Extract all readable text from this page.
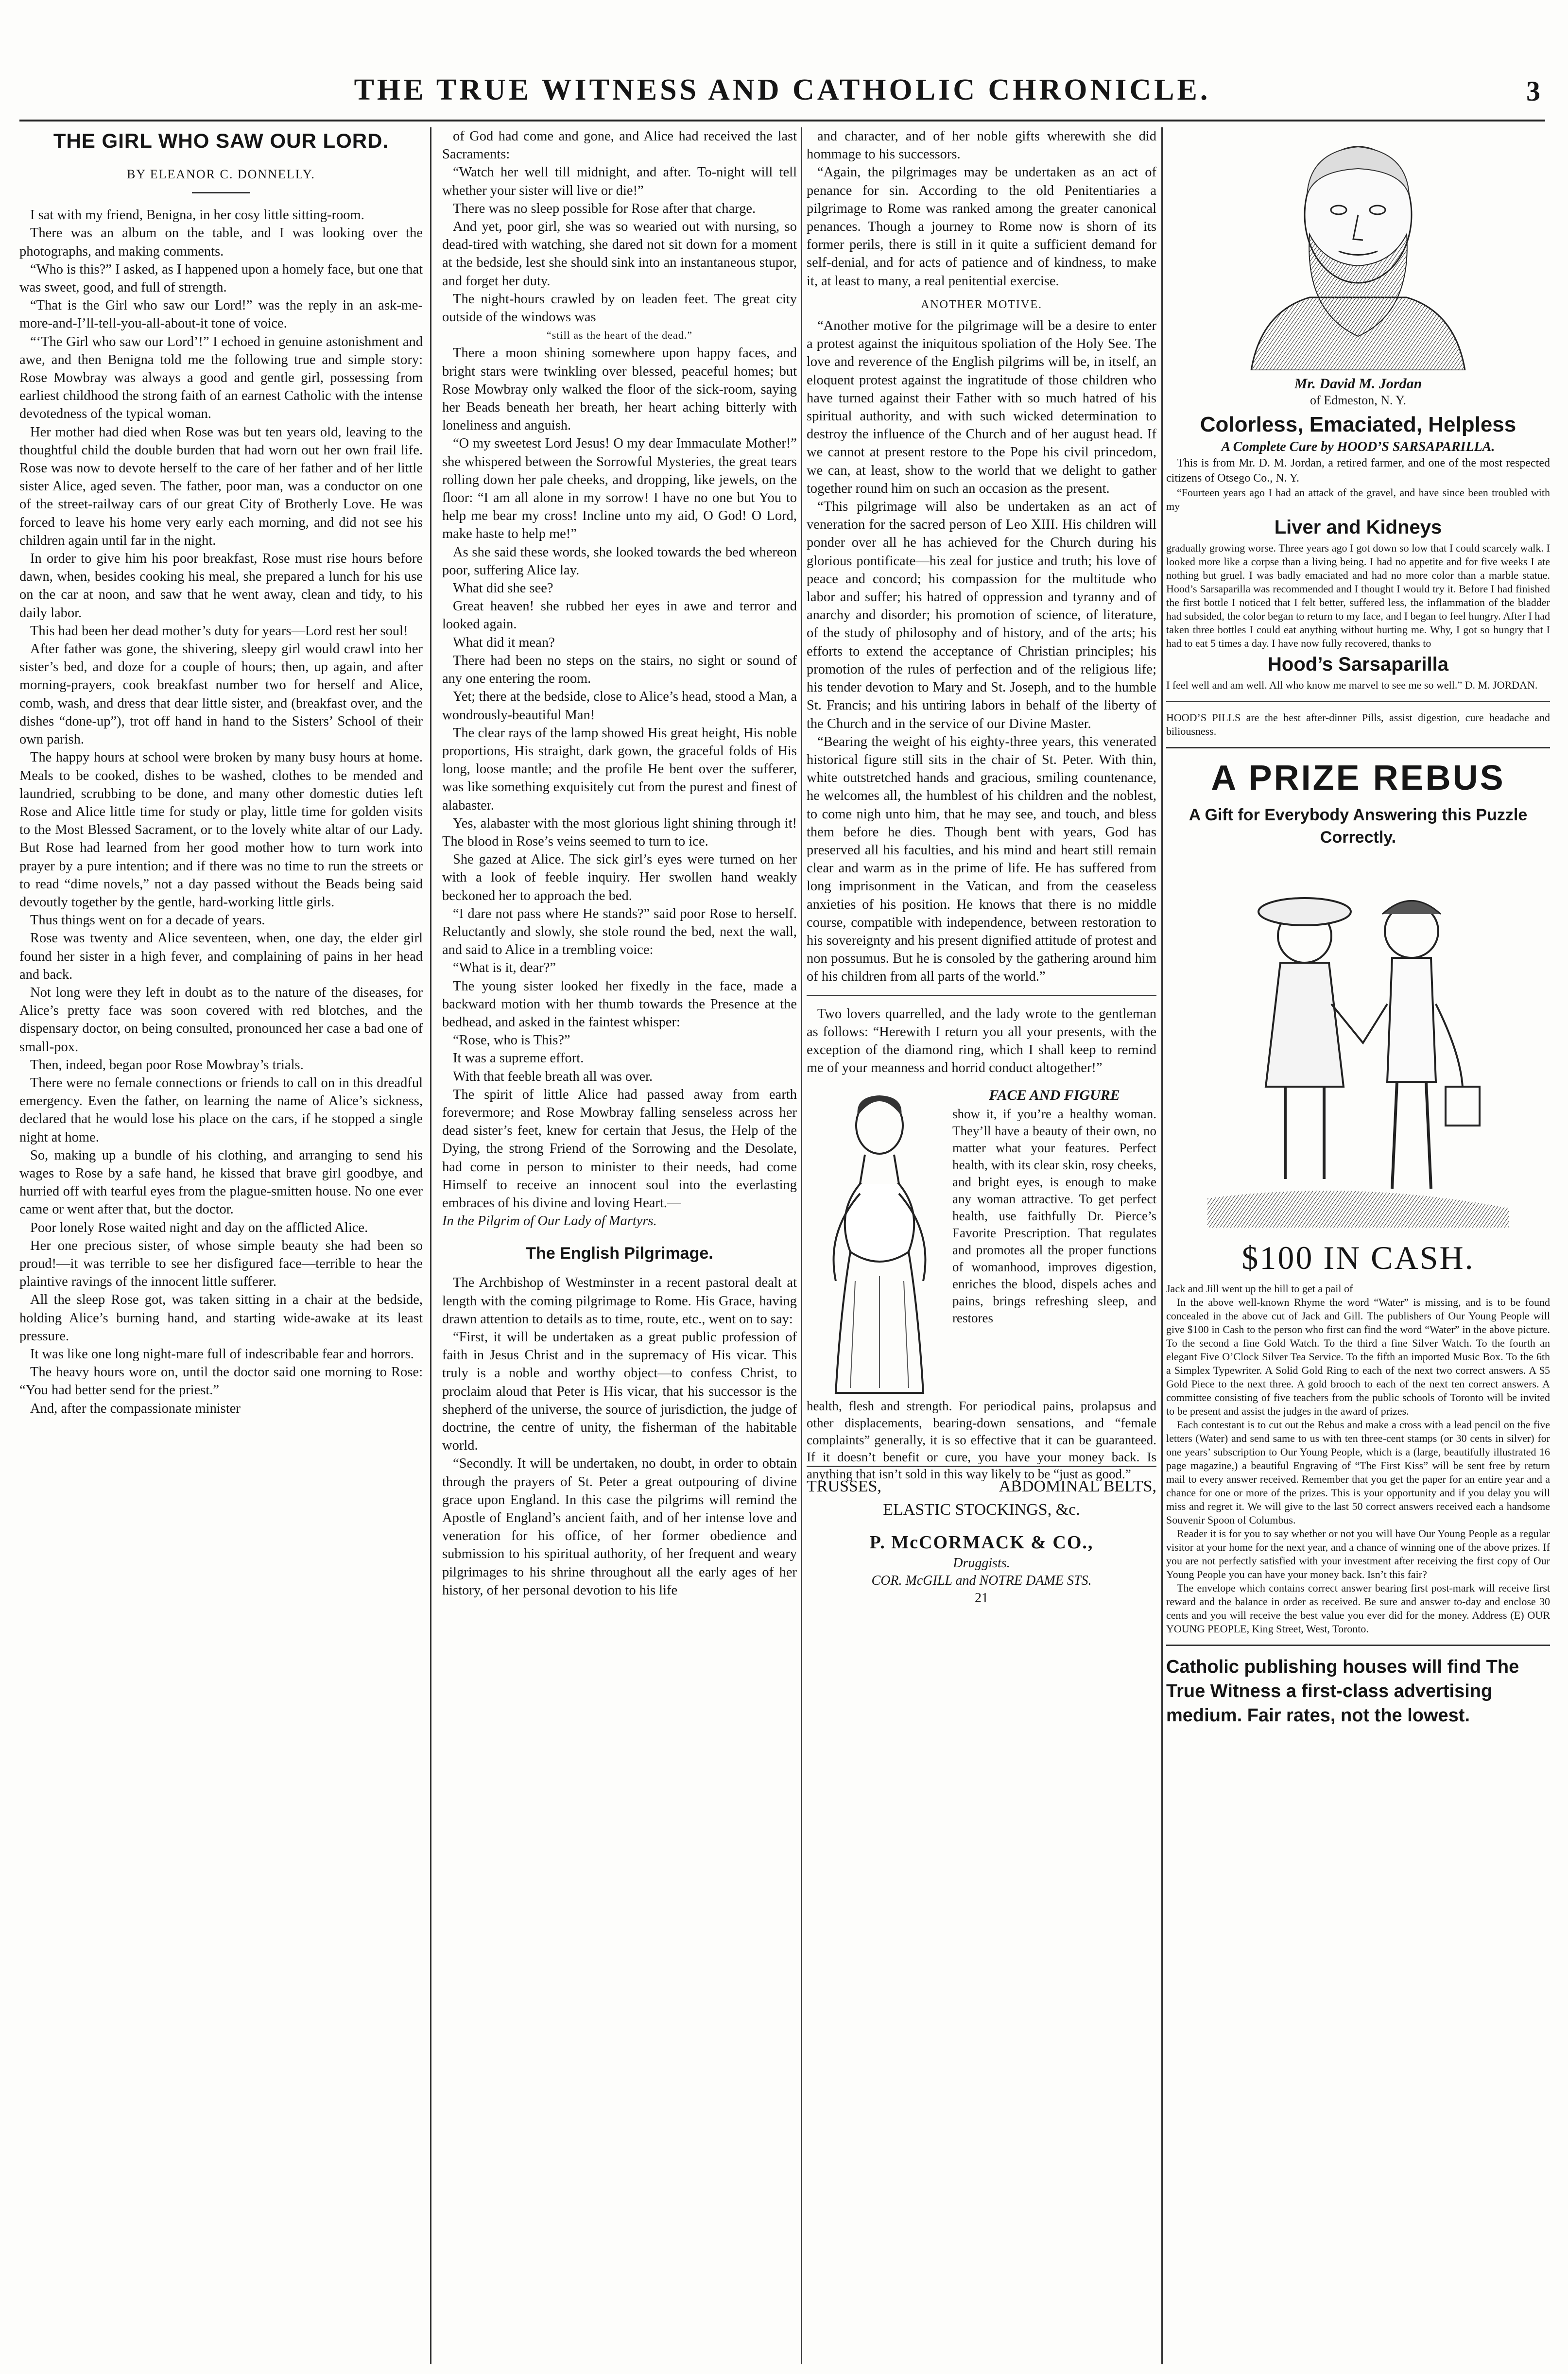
THE TRUE WITNESS AND CATHOLIC CHRONICLE.	3
THE GIRL WHO SAW OUR LORD.
BY ELEANOR C. DONNELLY.

I sat with my friend, Benigna, in her cosy little sitting-room.

There was an album on the table, and I was looking over the photographs, and making comments.

“Who is this?” I asked, as I happened upon a homely face, but one that was sweet, good, and full of strength.

“That is the Girl who saw our Lord!” was the reply in an ask-me-more-and-I’ll-tell-you-all-about-it tone of voice.

“‘The Girl who saw our Lord’!” I echoed in genuine astonishment and awe, and then Benigna told me the following true and simple story: Rose Mowbray was always a good and gentle girl, possessing from earliest childhood the strong faith of an earnest Catholic with the intense devotedness of the typical woman.

Her mother had died when Rose was but ten years old, leaving to the thoughtful child the double burden that had worn out her own frail life. Rose was now to devote herself to the care of her father and of her little sister Alice, aged seven. The father, poor man, was a conductor on one of the street-railway cars of our great City of Brotherly Love. He was forced to leave his home very early each morning, and did not see his children again until far in the night.

In order to give him his poor breakfast, Rose must rise hours before dawn, when, besides cooking his meal, she prepared a lunch for his use on the car at noon, and saw that he went away, clean and tidy, to his daily labor.

This had been her dead mother’s duty for years—Lord rest her soul!

After father was gone, the shivering, sleepy girl would crawl into her sister’s bed, and doze for a couple of hours; then, up again, and after morning-prayers, cook breakfast number two for herself and Alice, comb, wash, and dress that dear little sister, and (breakfast over, and the dishes “done-up”), trot off hand in hand to the Sisters’ School of their own parish.

The happy hours at school were broken by many busy hours at home. Meals to be cooked, dishes to be washed, clothes to be mended and laundried, scrubbing to be done, and many other domestic duties left Rose and Alice little time for study or play, little time for golden visits to the Most Blessed Sacrament, or to the lovely white altar of our Lady. But Rose had learned from her good mother how to turn work into prayer by a pure intention; and if there was no time to run the streets or to read “dime novels,” not a day passed without the Beads being said devoutly together by the gentle, hard-working little girls.

Thus things went on for a decade of years.

Rose was twenty and Alice seventeen, when, one day, the elder girl found her sister in a high fever, and complaining of pains in her head and back.

Not long were they left in doubt as to the nature of the diseases, for Alice’s pretty face was soon covered with red blotches, and the dispensary doctor, on being consulted, pronounced her case a bad one of small-pox.

Then, indeed, began poor Rose Mowbray’s trials.

There were no female connections or friends to call on in this dreadful emergency. Even the father, on learning the name of Alice’s sickness, declared that he would lose his place on the cars, if he stopped a single night at home.

So, making up a bundle of his clothing, and arranging to send his wages to Rose by a safe hand, he kissed that brave girl goodbye, and hurried off with tearful eyes from the plague-smitten house. No one ever came or went after that, but the doctor.

Poor lonely Rose waited night and day on the afflicted Alice.

Her one precious sister, of whose simple beauty she had been so proud!—it was terrible to see her disfigured face—terrible to hear the plaintive ravings of the innocent little sufferer.

All the sleep Rose got, was taken sitting in a chair at the bedside, holding Alice’s burning hand, and starting wide-awake at its least pressure.

It was like one long night-mare full of indescribable fear and horrors.

The heavy hours wore on, until the doctor said one morning to Rose: “You had better send for the priest.”

And, after the compassionate minister

of God had come and gone, and Alice had received the last Sacraments:

“Watch her well till midnight, and after. To-night will tell whether your sister will live or die!”

There was no sleep possible for Rose after that charge.

And yet, poor girl, she was so wearied out with nursing, so dead-tired with watching, she dared not sit down for a moment at the bedside, lest she should sink into an instantaneous stupor, and forget her duty.

The night-hours crawled by on leaden feet. The great city outside of the windows was

“still as the heart of the dead.”

There a moon shining somewhere upon happy faces, and bright stars were twinkling over blessed, peaceful homes; but Rose Mowbray only walked the floor of the sick-room, saying her Beads beneath her breath, her heart aching bitterly with loneliness and anguish.

“O my sweetest Lord Jesus! O my dear Immaculate Mother!” she whispered between the Sorrowful Mysteries, the great tears rolling down her pale cheeks, and dropping, like jewels, on the floor: “I am all alone in my sorrow! I have no one but You to help me bear my cross! Incline unto my aid, O God! O Lord, make haste to help me!”

As she said these words, she looked towards the bed whereon poor, suffering Alice lay.

What did she see?

Great heaven! she rubbed her eyes in awe and terror and looked again.

What did it mean?

There had been no steps on the stairs, no sight or sound of any one entering the room.

Yet; there at the bedside, close to Alice’s head, stood a Man, a wondrously-beautiful Man!

The clear rays of the lamp showed His great height, His noble proportions, His straight, dark gown, the graceful folds of His long, loose mantle; and the profile He bent over the sufferer, was like something exquisitely cut from the purest and finest of alabaster.

Yes, alabaster with the most glorious light shining through it! The blood in Rose’s veins seemed to turn to ice.

She gazed at Alice. The sick girl’s eyes were turned on her with a look of feeble inquiry. Her swollen hand weakly beckoned her to approach the bed.

“I dare not pass where He stands?” said poor Rose to herself. Reluctantly and slowly, she stole round the bed, next the wall, and said to Alice in a trembling voice:

“What is it, dear?”

The young sister looked her fixedly in the face, made a backward motion with her thumb towards the Presence at the bedhead, and asked in the faintest whisper:

“Rose, who is This?”

It was a supreme effort.

With that feeble breath all was over.

The spirit of little Alice had passed away from earth forevermore; and Rose Mowbray falling senseless across her dead sister’s feet, knew for certain that Jesus, the Help of the Dying, the strong Friend of the Sorrowing and the Desolate, had come in person to minister to their needs, had come Himself to receive an innocent soul into the everlasting embraces of his divine and loving Heart.—

In the Pilgrim of Our Lady of Martyrs.

The English Pilgrimage.

The Archbishop of Westminster in a recent pastoral dealt at length with the coming pilgrimage to Rome. His Grace, having drawn attention to details as to time, route, etc., went on to say:

“First, it will be undertaken as a great public profession of faith in Jesus Christ and in the supremacy of His vicar. This truly is a noble and worthy object—to confess Christ, to proclaim aloud that Peter is His vicar, that his successor is the shepherd of the universe, the source of jurisdiction, the judge of doctrine, the centre of unity, the fisherman of the habitable world.

“Secondly. It will be undertaken, no doubt, in order to obtain through the prayers of St. Peter a great outpouring of divine grace upon England. In this case the pilgrims will remind the Apostle of England’s ancient faith, and of her intense love and veneration for his office, of her former obedience and submission to his spiritual authority, of her frequent and weary pilgrimages to his shrine throughout all the early ages of her history, of her personal devotion to his life

and character, and of her noble gifts wherewith she did hommage to his successors.

“Again, the pilgrimages may be undertaken as an act of penance for sin. According to the old Penitentiaries a pilgrimage to Rome was ranked among the greater canonical penances. Though a journey to Rome now is shorn of its former perils, there is still in it quite a sufficient demand for self-denial, and for acts of patience and of kindness, to make it, at least to many, a real penitential exercise.

ANOTHER MOTIVE.

“Another motive for the pilgrimage will be a desire to enter a protest against the iniquitous spoliation of the Holy See. The love and reverence of the English pilgrims will be, in itself, an eloquent protest against the ingratitude of those children who have turned against their Father with so much hatred of his spiritual authority, and with such wicked determination to destroy the influence of the Church and of her august head. If we cannot at present restore to the Pope his civil princedom, we can, at least, show to the world that we delight to gather together round him on such an occasion as the present.

“This pilgrimage will also be undertaken as an act of veneration for the sacred person of Leo XIII. His children will ponder over all he has achieved for the Church during his glorious pontificate—his zeal for justice and truth; his love of peace and concord; his compassion for the multitude who labor and suffer; his hatred of oppression and tyranny and of anarchy and disorder; his promotion of science, of literature, of the study of philosophy and of history, and of the arts; his efforts to extend the acceptance of Christian principles; his promotion of the rules of perfection and of the religious life; his tender devotion to Mary and St. Joseph, and to the humble St. Francis; and his untiring labors in behalf of the liberty of the Church and in the service of our Divine Master.

“Bearing the weight of his eighty-three years, this venerated historical figure still sits in the chair of St. Peter. With thin, white outstretched hands and gracious, smiling countenance, he welcomes all, the humblest of his children and the noblest, to come nigh unto him, that he may see, and touch, and bless them before he dies. Though bent with years, God has preserved all his faculties, and his mind and heart still remain clear and warm as in the prime of life. He has suffered from long imprisonment in the Vatican, and from the ceaseless anxieties of his position. He knows that there is no middle course, compatible with independence, between restoration to his sovereignty and his present dignified attitude of protest and non possumus. But he is consoled by the gathering around him of his children from all parts of the world.”

Two lovers quarrelled, and the lady wrote to the gentleman as follows: “Herewith I return you all your presents, with the exception of the diamond ring, which I shall keep to remind me of your meanness and horrid conduct altogether!”

FACE AND FIGURE
show it, if you’re a healthy woman. They’ll have a beauty of their own, no matter what your features. Perfect health, with its clear skin, rosy cheeks, and bright eyes, is enough to make any woman attractive. To get perfect health, use faithfully Dr. Pierce’s Favorite Prescription. That regulates and promotes all the proper functions of womanhood, improves digestion, enriches the blood, dispels aches and pains, brings refreshing sleep, and restores
health, flesh and strength. For periodical pains, prolapsus and other displacements, bearing-down sensations, and “female complaints” generally, it is so effective that it can be guaranteed. If it doesn’t benefit or cure, you have your money back. Is anything that isn’t sold in this way likely to be “just as good.”
TRUSSES,	ABDOMINAL BELTS,
ELASTIC STOCKINGS, &c.
P. McCORMACK & CO.,
Druggists.
COR. McGILL and NOTRE DAME STS.
21
Mr. David M. Jordan
of Edmeston, N. Y.
Colorless, Emaciated, Helpless
A Complete Cure by HOOD’S SARSAPARILLA.

This is from Mr. D. M. Jordan, a retired farmer, and one of the most respected citizens of Otsego Co., N. Y.

“Fourteen years ago I had an attack of the gravel, and have since been troubled with my

Liver and Kidneys

gradually growing worse. Three years ago I got down so low that I could scarcely walk. I looked more like a corpse than a living being. I had no appetite and for five weeks I ate nothing but gruel. I was badly emaciated and had no more color than a marble statue. Hood’s Sarsaparilla was recommended and I thought I would try it. Before I had finished the first bottle I noticed that I felt better, suffered less, the inflammation of the bladder had subsided, the color began to return to my face, and I began to feel hungry. After I had taken three bottles I could eat anything without hurting me. Why, I got so hungry that I had to eat 5 times a day. I have now fully recovered, thanks to

Hood’s Sarsaparilla

I feel well and am well. All who know me marvel to see me so well.” D. M. JORDAN.

HOOD’S PILLS are the best after-dinner Pills, assist digestion, cure headache and biliousness.

A PRIZE REBUS
A Gift for Everybody Answering this Puzzle Correctly.
$100 IN CASH.

Jack and Jill went up the hill to get a pail of

In the above well-known Rhyme the word “Water” is missing, and is to be found concealed in the above cut of Jack and Gill. The publishers of Our Young People will give $100 in Cash to the person who first can find the word “Water” in the above picture. To the second a fine Gold Watch. To the third a fine Silver Watch. To the fourth an elegant Five O’Clock Silver Tea Service. To the fifth an imported Music Box. To the 6th a Simplex Typewriter. A Solid Gold Ring to each of the next two correct answers. A $5 Gold Piece to the next three. A gold brooch to each of the next ten correct answers. A committee consisting of five teachers from the public schools of Toronto will be invited to be present and assist the judges in the award of prizes.

Each contestant is to cut out the Rebus and make a cross with a lead pencil on the five letters (Water) and send same to us with ten three-cent stamps (or 30 cents in silver) for one years’ subscription to Our Young People, which is a (large, beautifully illustrated 16 page magazine,) a beautiful Engraving of “The First Kiss” will be sent free by return mail to every answer received. Remember that you get the paper for an entire year and a chance for one or more of the prizes. This is your opportunity and if you delay you will miss and regret it. We will give to the last 50 correct answers received each a handsome Souvenir Spoon of Columbus.

Reader it is for you to say whether or not you will have Our Young People as a regular visitor at your home for the next year, and a chance of winning one of the above prizes. If you are not perfectly satisfied with your investment after receiving the first copy of Our Young People you can have your money back. Isn’t this fair?

The envelope which contains correct answer bearing first post-mark will receive first reward and the balance in order as received. Be sure and answer to-day and enclose 30 cents and you will receive the best value you ever did for the money. Address (E) OUR YOUNG PEOPLE, King Street, West, Toronto.

Catholic publishing houses will find The True Witness a first-class advertising medium. Fair rates, not the lowest.
